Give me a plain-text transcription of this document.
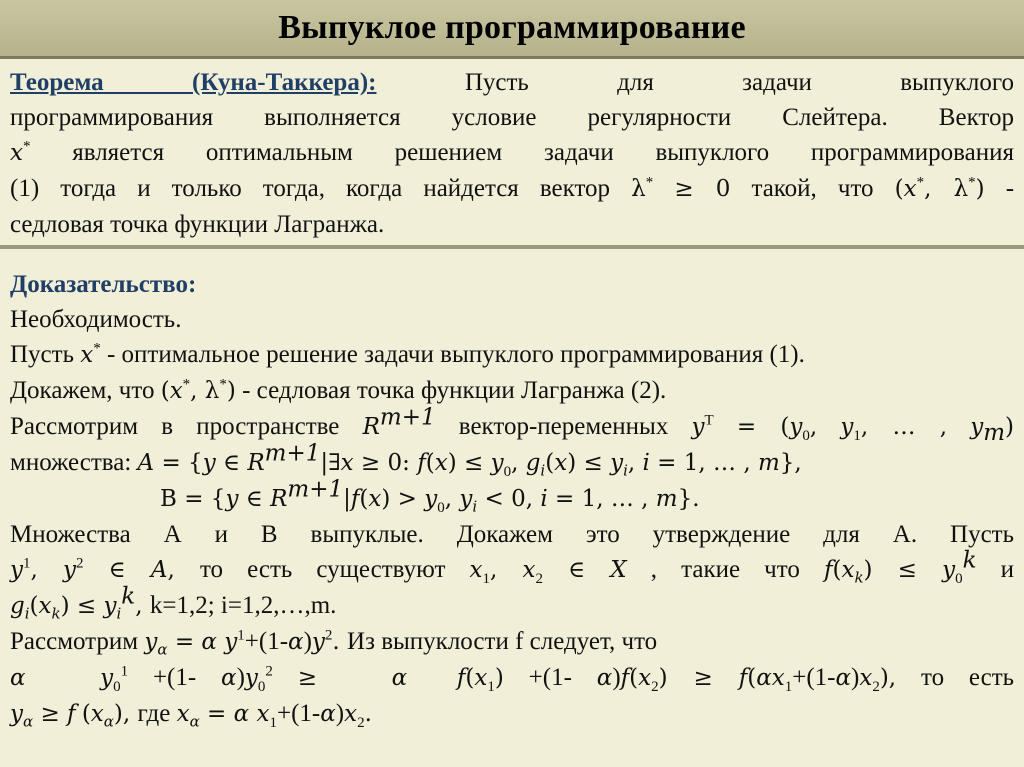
Выпуклое программирование
Теорема (Куна-Таккера):	Пусть для задачи выпуклого
программирования выполняется условие регулярности Слейтера. Вектор
x* является оптимальным решением задачи выпуклого программирования
(1) тогда и только тогда, когда найдется вектор λ* ≥ 0 такой, что (x*, λ*) -
седловая точка функции Лагранжа.
Доказательство:
Необходимость.
Пусть x* - оптимальное решение задачи выпуклого программирования (1).
Докажем, что (x*, λ*) - седловая точка функции Лагранжа (2).
Рассмотрим в пространстве $R^{m+1}$ вектор-переменных $y^T = (y_0$, $y_1$, … , $y_m$)
множества: A = {y ∈ $R^{m+1}|\exists x \ge 0$: $f(x) \le y_0$, $g_i(x) \le y_i$, i = 1, … , m},
B = {y ∈ $R^{m+1}|f(x) > y_0$, $y_i < 0$, i = 1, … , m}.
Множества А и В выпуклые. Докажем это утверждение для А. Пусть
$y^1$, $y^2$ ∈ A, то есть существуют $x_1$, $x_2$ ∈ X , такие что $f(x_k) \le y_0^k$ и
$g_i(x_k) \le y_i^k$, k=1,2; i=1,2,…,m.
Рассмотрим $y_\alpha = \alpha$ $y^1+(1-\alpha)y^2$. Из выпуклости f следует, что
α	$y_0^1 +(1-$ $\alpha)y_0^2$ ≥	α $f(x_1) +(1-$ $\alpha)f(x_2) \ge f(\alpha x_1+(1-\alpha)x_2)$, то есть
$y_\alpha \ge f$ $(x_\alpha)$, где $x_\alpha = \alpha$ $x_1+(1-\alpha)x_2$.
